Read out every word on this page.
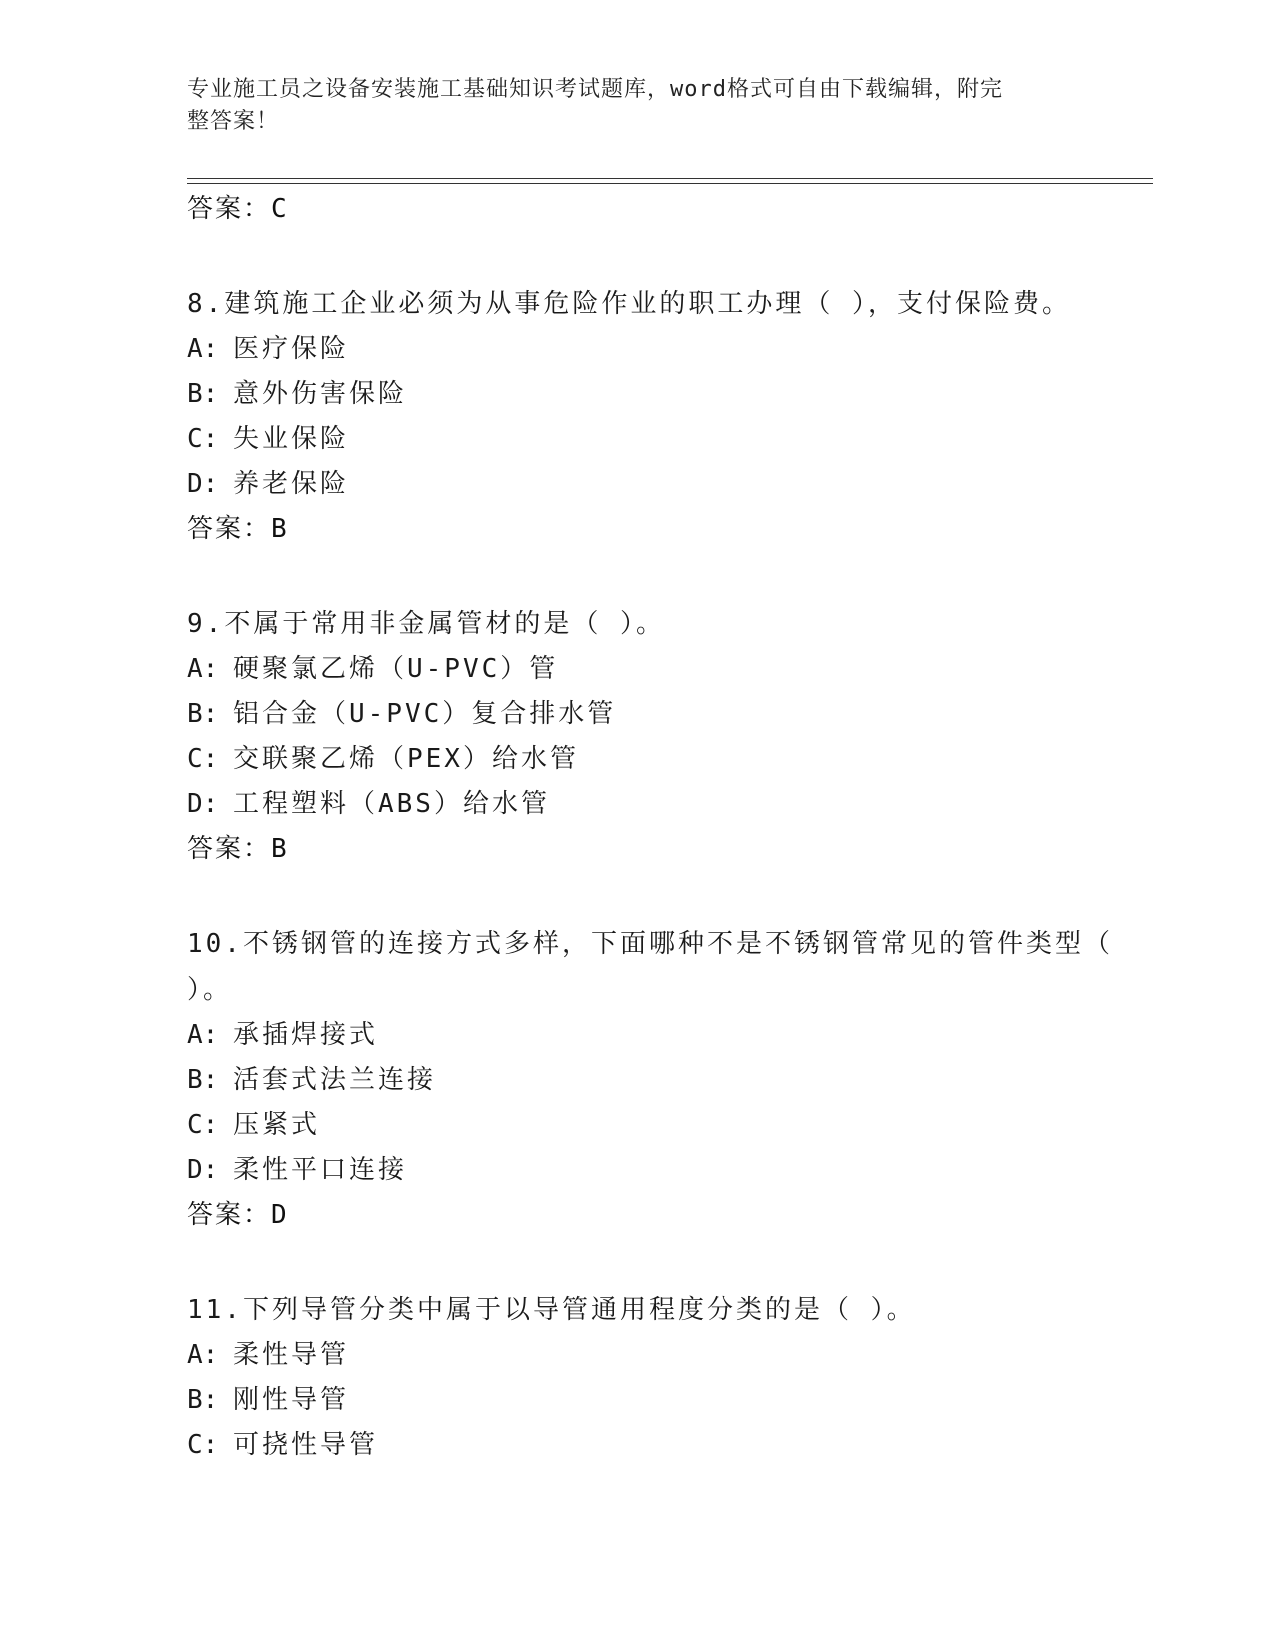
专业施工员之设备安装施工基础知识考试题库，word格式可自由下载编辑，附完
整答案！
答案：C

8.建筑施工企业必须为从事危险作业的职工办理（ ），支付保险费。

A: 医疗保险
B: 意外伤害保险
C: 失业保险
D: 养老保险
答案：B

9.不属于常用非金属管材的是（ ）。

A: 硬聚氯乙烯（U-PVC）管
B: 铝合金（U-PVC）复合排水管
C: 交联聚乙烯（PEX）给水管
D: 工程塑料（ABS）给水管
答案：B

10.不锈钢管的连接方式多样，下面哪种不是不锈钢管常见的管件类型（ ）。

A: 承插焊接式
B: 活套式法兰连接
C: 压紧式
D: 柔性平口连接
答案：D

11.下列导管分类中属于以导管通用程度分类的是（ ）。

A: 柔性导管
B: 刚性导管
C: 可挠性导管
